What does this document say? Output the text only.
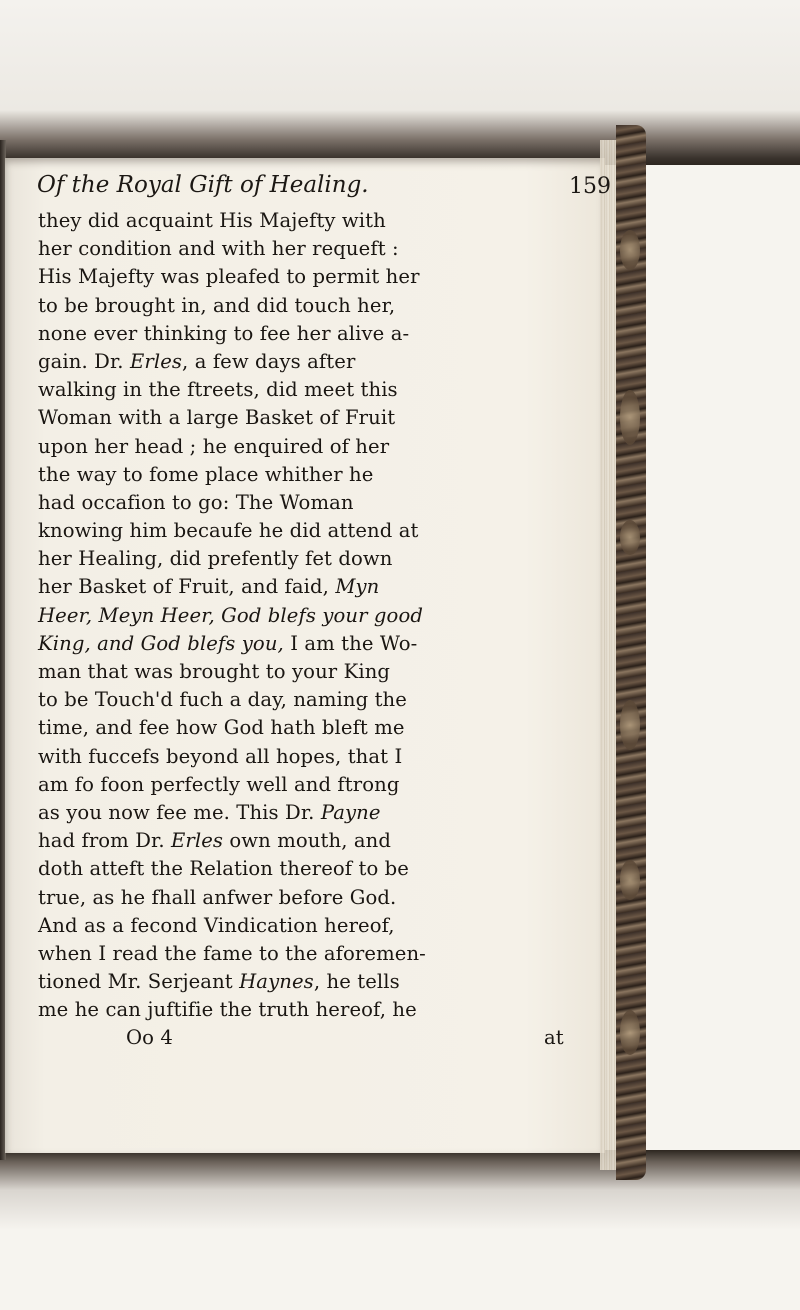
Of the Royal Gift of Healing.	159
they did acquaint His Majefty with
her condition and with her requeft :
His Majefty was pleafed to permit her
to be brought in, and did touch her,
none ever thinking to fee her alive a-
gain. Dr. Erles, a few days after
walking in the ftreets, did meet this
Woman with a large Basket of Fruit
upon her head ; he enquired of her
the way to fome place whither he
had occafion to go: The Woman
knowing him becaufe he did attend at
her Healing, did prefently fet down
her Basket of Fruit, and faid, Myn
Heer, Meyn Heer, God blefs your good
King, and God blefs you, I am the Wo-
man that was brought to your King
to be Touch'd fuch a day, naming the
time, and fee how God hath bleft me
with fuccefs beyond all hopes, that I
am fo foon perfectly well and ftrong
as you now fee me. This Dr. Payne
had from Dr. Erles own mouth, and
doth atteft the Relation thereof to be
true, as he fhall anfwer before God.
And as a fecond Vindication hereof,
when I read the fame to the aforemen-
tioned Mr. Serjeant Haynes, he tells
me he can juftifie the truth hereof, he
Oo 4	at
